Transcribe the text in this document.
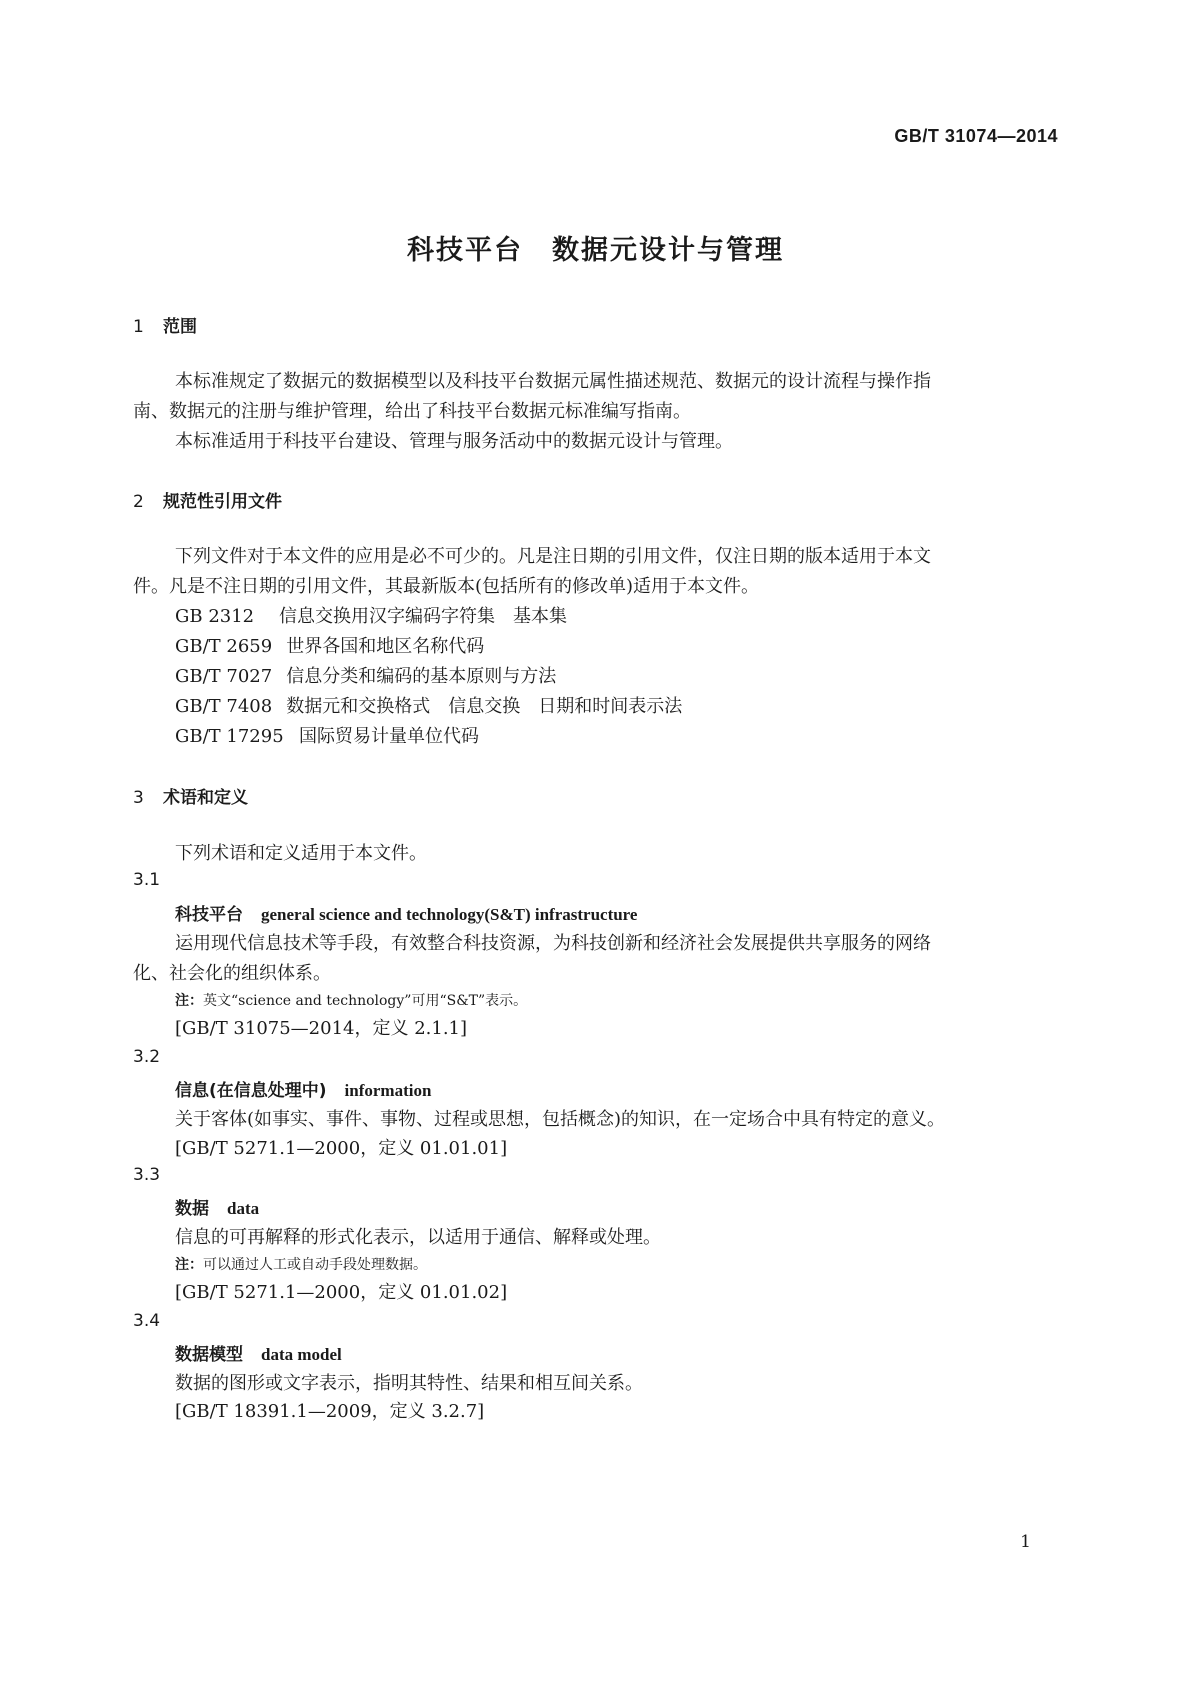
GB/T 31074—2014
科技平台　数据元设计与管理
1 范围
本标准规定了数据元的数据模型以及科技平台数据元属性描述规范、数据元的设计流程与操作指
南、数据元的注册与维护管理，给出了科技平台数据元标准编写指南。
本标准适用于科技平台建设、管理与服务活动中的数据元设计与管理。
2 规范性引用文件
下列文件对于本文件的应用是必不可少的。凡是注日期的引用文件，仅注日期的版本适用于本文
件。凡是不注日期的引用文件，其最新版本(包括所有的修改单)适用于本文件。
GB 2312 信息交换用汉字编码字符集　基本集
GB/T 2659 世界各国和地区名称代码
GB/T 7027 信息分类和编码的基本原则与方法
GB/T 7408 数据元和交换格式　信息交换　日期和时间表示法
GB/T 17295 国际贸易计量单位代码
3 术语和定义
下列术语和定义适用于本文件。
3.1
科技平台 general science and technology(S&T) infrastructure
运用现代信息技术等手段，有效整合科技资源，为科技创新和经济社会发展提供共享服务的网络
化、社会化的组织体系。
注：英文“science and technology”可用“S&T”表示。
[GB/T 31075—2014，定义 2.1.1]
3.2
信息(在信息处理中) information
关于客体(如事实、事件、事物、过程或思想，包括概念)的知识，在一定场合中具有特定的意义。
[GB/T 5271.1—2000，定义 01.01.01]
3.3
数据 data
信息的可再解释的形式化表示，以适用于通信、解释或处理。
注：可以通过人工或自动手段处理数据。
[GB/T 5271.1—2000，定义 01.01.02]
3.4
数据模型 data model
数据的图形或文字表示，指明其特性、结果和相互间关系。
[GB/T 18391.1—2009，定义 3.2.7]
1
